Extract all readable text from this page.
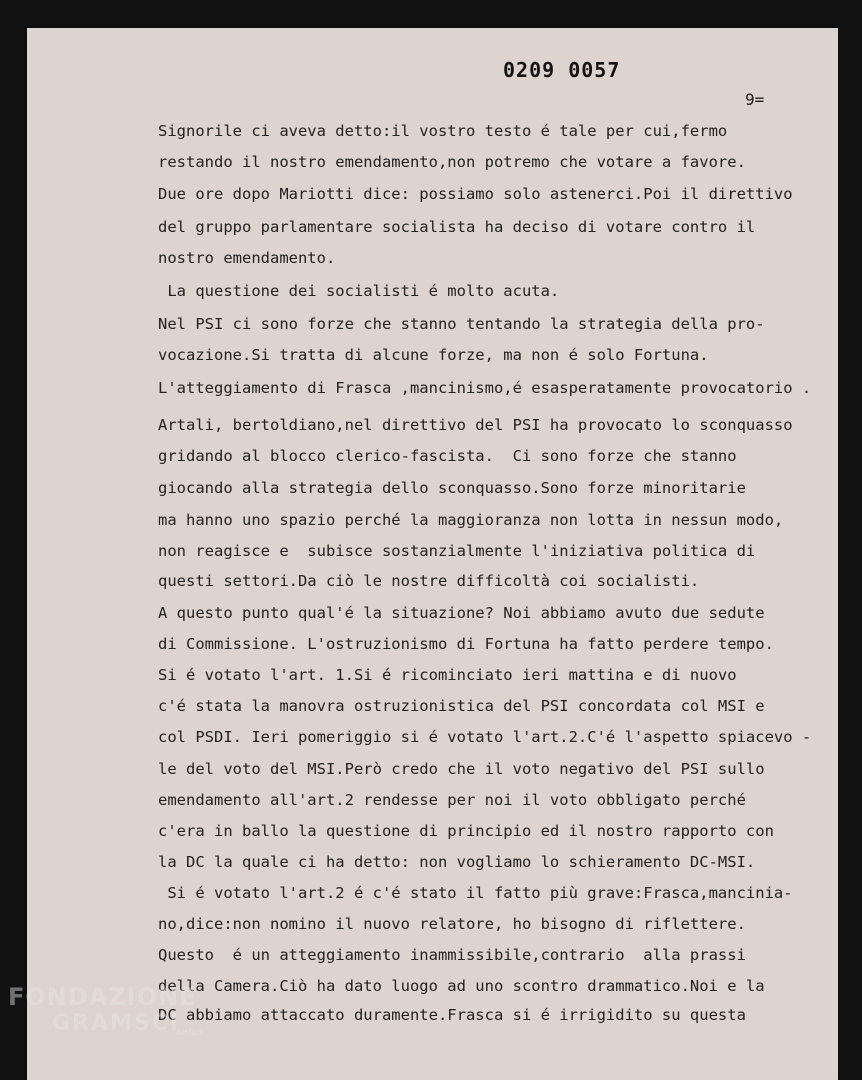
0209 0057
9=
Signorile ci aveva detto:il vostro testo é tale per cui,fermo
restando il nostro emendamento,non potremo che votare a favore.
Due ore dopo Mariotti dice: possiamo solo astenerci.Poi il direttivo
del gruppo parlamentare socialista ha deciso di votare contro il
nostro emendamento.
La questione dei socialisti é molto acuta.
Nel PSI ci sono forze che stanno tentando la strategia della pro-
vocazione.Si tratta di alcune forze, ma non é solo Fortuna.
L'atteggiamento di Frasca ,mancinismo,é esasperatamente provocatorio .
Artali, bertoldiano,nel direttivo del PSI ha provocato lo sconquasso
gridando al blocco clerico-fascista.  Ci sono forze che stanno
giocando alla strategia dello sconquasso.Sono forze minoritarie
ma hanno uno spazio perché la maggioranza non lotta in nessun modo,
non reagisce e  subisce sostanzialmente l'iniziativa politica di
questi settori.Da ciò le nostre difficoltà coi socialisti.
A questo punto qual'é la situazione? Noi abbiamo avuto due sedute
di Commissione. L'ostruzionismo di Fortuna ha fatto perdere tempo.
Si é votato l'art. 1.Si é ricominciato ieri mattina e di nuovo
c'é stata la manovra ostruzionistica del PSI concordata col MSI e
col PSDI. Ieri pomeriggio si é votato l'art.2.C'é l'aspetto spiacevo -
le del voto del MSI.Però credo che il voto negativo del PSI sullo
emendamento all'art.2 rendesse per noi il voto obbligato perché
c'era in ballo la questione di principio ed il nostro rapporto con
la DC la quale ci ha detto: non vogliamo lo schieramento DC-MSI.
Si é votato l'art.2 é c'é stato il fatto più grave:Frasca,mancinia-
no,dice:non nomino il nuovo relatore, ho bisogno di riflettere.
Questo  é un atteggiamento inammissibile,contrario  alla prassi
della Camera.Ciò ha dato luogo ad uno scontro drammatico.Noi e la
DC abbiamo attaccato duramente.Frasca si é irrigidito su questa
FONDAZIONE
GRAMSCI
onlus
